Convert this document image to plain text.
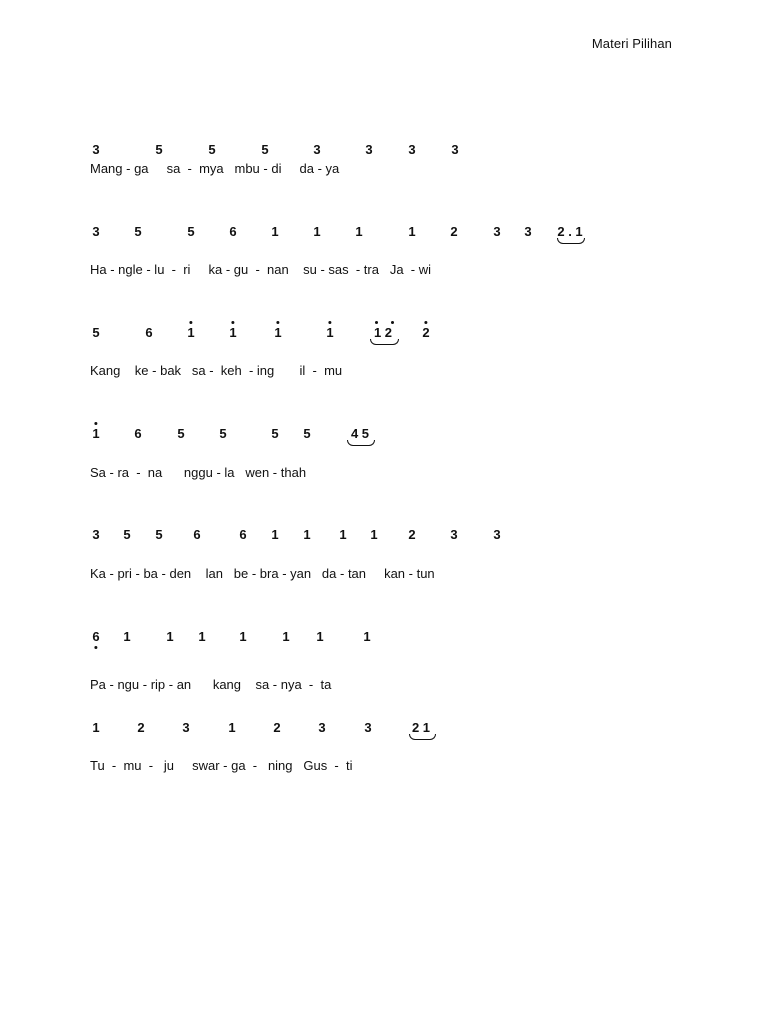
Materi Pilihan
3	5	5	5	3	3	3	3
Mang - ga     sa  -  mya   mbu - di     da - ya
3	5	5	6	1	1	1	1	2	3 3 2 . 1
Ha - ngle - lu  -  ri     ka - gu  -  nan    su - sas  - tra   Ja  - wi
5	6	1	1	1	1	1 2 2
Kang    ke - bak   sa -  keh  - ing       il  -  mu
1	6	5	5	5 5	4 5
Sa - ra  -  na      nggu - la   wen - thah
3 5 5 6	6 1 1 1 1 2	3	3
Ka - pri - ba - den    lan   be - bra - yan   da - tan     kan - tun
6 1	1 1	1	1 1	1
Pa - ngu - rip - an      kang    sa - nya  -  ta
1	2	3	1	2	3	3	2 1
Tu  -  mu  -   ju     swar - ga  -   ning   Gus  -  ti
